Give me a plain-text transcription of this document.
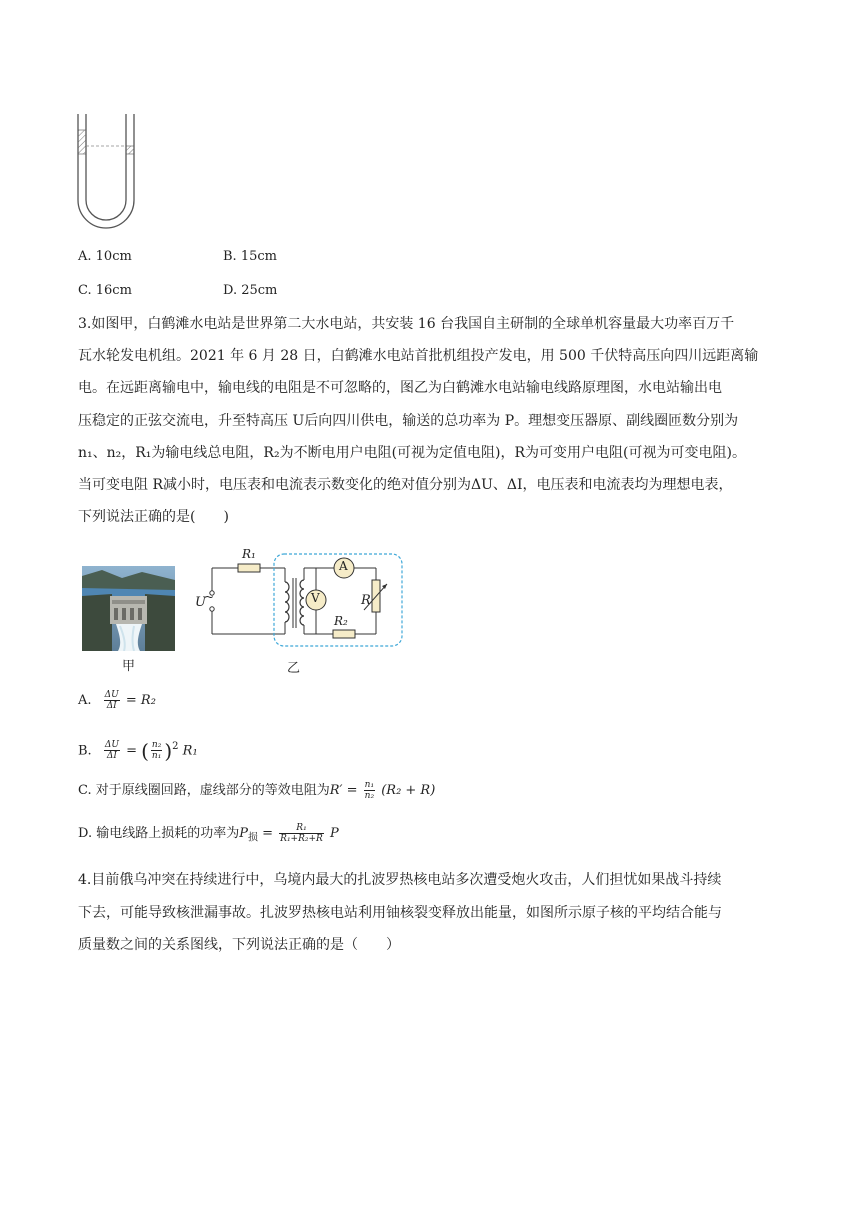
A. 10cm	B. 15cm
C. 16cm	D. 25cm
3.如图甲，白鹤滩水电站是世界第二大水电站，共安装 16 台我国自主研制的全球单机容量最大功率百万千
瓦水轮发电机组。2021 年 6 月 28 日，白鹤滩水电站首批机组投产发电，用 500 千伏特高压向四川远距离输
电。在远距离输电中，输电线的电阻是不可忽略的，图乙为白鹤滩水电站输电线路原理图，水电站输出电
压稳定的正弦交流电，升至特高压 U后向四川供电，输送的总功率为 P。理想变压器原、副线圈匝数分别为
n₁、n₂，R₁为输电线总电阻，R₂为不断电用户电阻(可视为定值电阻)，R为可变用户电阻(可视为可变电阻)。
当可变电阻 R减小时，电压表和电流表示数变化的绝对值分别为ΔU、ΔI，电压表和电流表均为理想电表，
下列说法正确的是(　　)
甲
R₁
R₂
R
U
~
A
V
乙
A. $\frac{\Delta U}{\Delta I} = R_2$
B. $\frac{\Delta U}{\Delta I}$ = ( $\frac{\text{n₂}}{\text{n₁}} )^2$ R₁
C. 对于原线圈回路，虚线部分的等效电阻为$R' = \frac{\text{n₁}}{\text{n₂}} (R_2 + R)$
D. 输电线路上损耗的功率为$P_损 = \frac{\text{R₁}}{\text{R₁+R₂+R}}$ P
4.目前俄乌冲突在持续进行中，乌境内最大的扎波罗热核电站多次遭受炮火攻击，人们担忧如果战斗持续
下去，可能导致核泄漏事故。扎波罗热核电站利用铀核裂变释放出能量，如图所示原子核的平均结合能与
质量数之间的关系图线，下列说法正确的是（　　）
